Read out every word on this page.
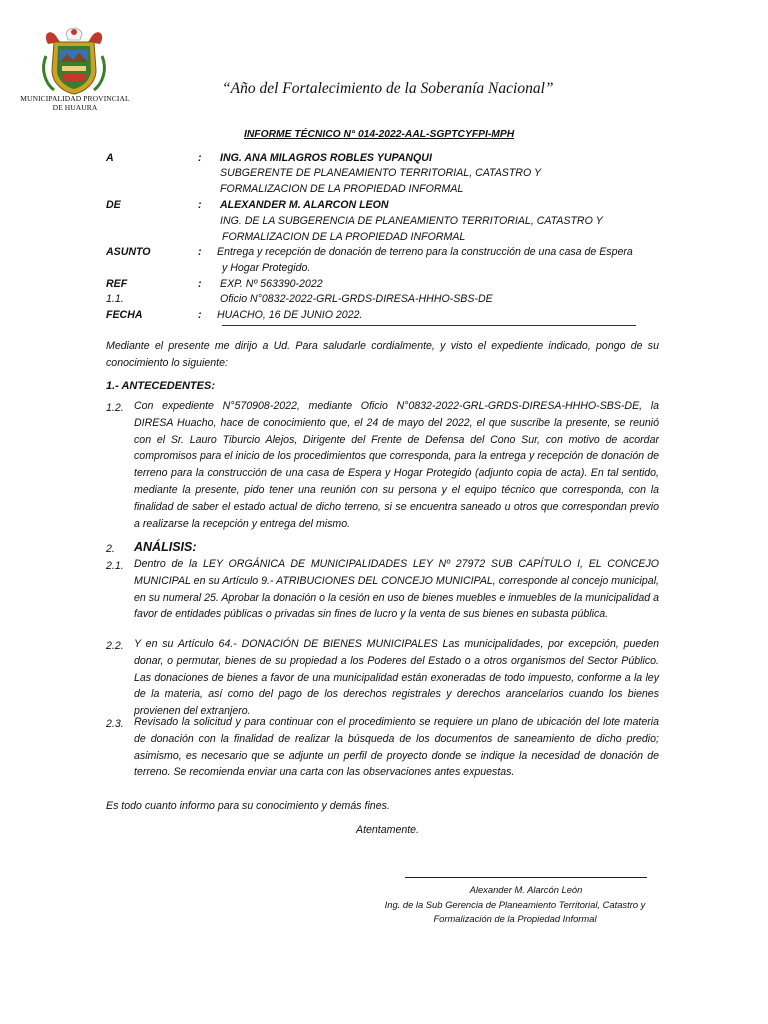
MUNICIPALIDAD PROVINCIAL
DE HUAURA
“Año del Fortalecimiento de la Soberanía Nacional”
INFORME TÉCNICO N° 014-2022-AAL-SGPTCYFPI-MPH
A	: ING. ANA MILAGROS ROBLES YUPANQUI
SUBGERENTE DE PLANEAMIENTO TERRITORIAL, CATASTRO Y
FORMALIZACION DE LA PROPIEDAD INFORMAL
DE	: ALEXANDER M. ALARCON LEON
ING. DE LA SUBGERENCIA DE PLANEAMIENTO TERRITORIAL, CATASTRO Y
FORMALIZACION DE LA PROPIEDAD INFORMAL
ASUNTO	: Entrega y recepción de donación de terreno para la construcción de una casa de Espera
y Hogar Protegido.
REF	: EXP. Nº 563390-2022
1.1.	Oficio N°0832-2022-GRL-GRDS-DIRESA-HHHO-SBS-DE
FECHA	: HUACHO, 16 DE JUNIO 2022.
Mediante el presente me dirijo a Ud. Para saludarle cordialmente, y visto el expediente indicado, pongo de su conocimiento lo siguiente:
1.- ANTECEDENTES:
1.2. Con expediente N°570908-2022, mediante Oficio N°0832-2022-GRL-GRDS-DIRESA-HHHO-SBS-DE, la DIRESA Huacho, hace de conocimiento que, el 24 de mayo del 2022, el que suscribe la presente, se reunió con el Sr. Lauro Tiburcio Alejos, Dirigente del Frente de Defensa del Cono Sur, con motivo de acordar compromisos para el inicio de los procedimientos que corresponda, para la entrega y recepción de donación de terreno para la construcción de una casa de Espera y Hogar Protegido (adjunto copia de acta). En tal sentido, mediante la presente, pido tener una reunión con su persona y el equipo técnico que corresponda, con la finalidad de saber el estado actual de dicho terreno, si se encuentra saneado u otros que correspondan previo a realizarse la recepción y entrega del mismo.
2. ANÁLISIS:
2.1. Dentro de la LEY ORGÁNICA DE MUNICIPALIDADES LEY Nº 27972 SUB CAPÍTULO I, EL CONCEJO MUNICIPAL en su Artículo 9.- ATRIBUCIONES DEL CONCEJO MUNICIPAL, corresponde al concejo municipal, en su numeral 25. Aprobar la donación o la cesión en uso de bienes muebles e inmuebles de la municipalidad a favor de entidades públicas o privadas sin fines de lucro y la venta de sus bienes en subasta pública.
2.2. Y en su Artículo 64.- DONACIÓN DE BIENES MUNICIPALES Las municipalidades, por excepción, pueden donar, o permutar, bienes de su propiedad a los Poderes del Estado o a otros organismos del Sector Público. Las donaciones de bienes a favor de una municipalidad están exoneradas de todo impuesto, conforme a la ley de la materia, así como del pago de los derechos registrales y derechos arancelarios cuando los bienes provienen del extranjero.
2.3. Revisado la solicitud y para continuar con el procedimiento se requiere un plano de ubicación del lote materia de donación con la finalidad de realizar la búsqueda de los documentos de saneamiento de dicho predio; asimismo, es necesario que se adjunte un perfil de proyecto donde se indique la necesidad de donación de terreno. Se recomienda enviar una carta con las observaciones antes expuestas.
Es todo cuanto informo para su conocimiento y demás fines.
Atentamente.
Alexander M. Alarcón León
Ing. de la Sub Gerencia de Planeamiento Territorial, Catastro y
Formalización de la Propiedad Informal
